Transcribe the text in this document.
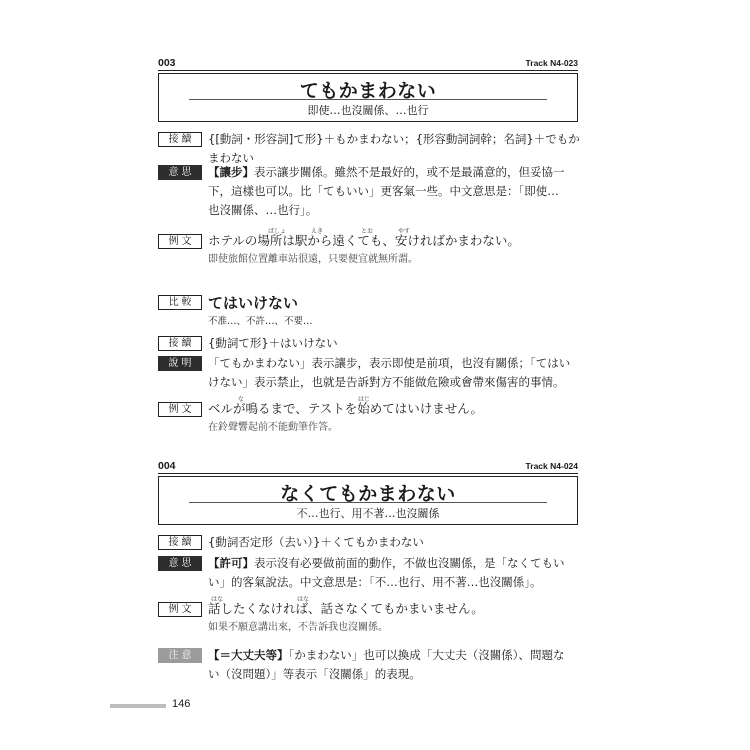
003	Track N4-023
てもかまわない
即使…也沒關係、…也行
接續	{[動詞・形容詞]て形}＋もかまわない；{形容動詞詞幹；名詞}＋でもか
まわない
意思	【讓步】表示讓步關係。雖然不是最好的，或不是最滿意的，但妥協一
下，這樣也可以。比「てもいい」更客氣一些。中文意思是：「即使…
也沒關係、…也行」。
ばしょ	えき	とお	やす
例文	ホテルの場所は駅から遠くても、安ければかまわない。
即使旅館位置離車站很遠，只要便宜就無所謂。
比較 てはいけない
不准…、不許…、不要…
接續	{動詞て形}＋はいけない
說明	「てもかまわない」表示讓步，表示即使是前項，也沒有關係；「てはい
けない」表示禁止，也就是告訴對方不能做危險或會帶來傷害的事情。
な	はじ
例文	ベルが鳴るまで、テストを始めてはいけません。
在鈴聲響起前不能動筆作答。
004	Track N4-024
なくてもかまわない
不…也行、用不著…也沒關係
接續	{動詞否定形（去い）}＋くてもかまわない
意思	【許可】表示沒有必要做前面的動作，不做也沒關係，是「なくてもい
い」的客氣說法。中文意思是：「不…也行、用不著…也沒關係」。
はな	はな
例文	話したくなければ、話さなくてもかまいません。
如果不願意講出來，不告訴我也沒關係。
注意	【＝大丈夫等】「かまわない」也可以換成「大丈夫（沒關係）、問題な
い（沒問題）」等表示「沒關係」的表現。
146
